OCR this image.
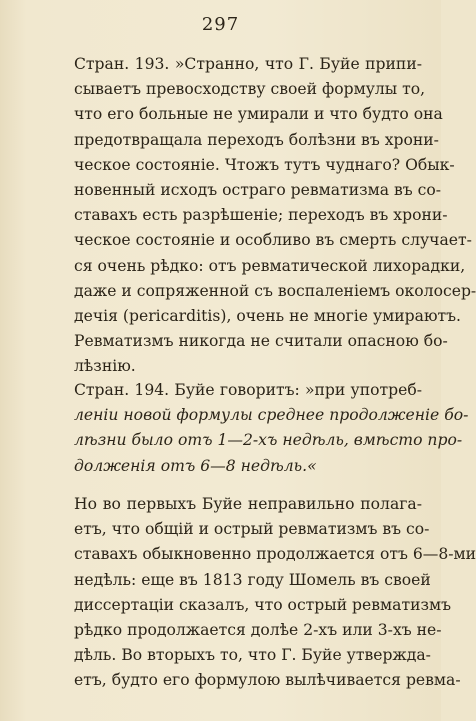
297
Стран. 193. »Странно, что Г. Буйе припи-
сываетъ превосходству своей формулы то,
что его больные не умирали и что будто она
предотвращала переходъ болѣзни въ хрони-
ческое состояніе. Чтожъ тутъ чуднаго? Обык-
новенный исходъ остраго ревматизма въ со-
ставахъ есть разрѣшеніе; переходъ въ хрони-
ческое состояніе и особливо въ смерть случает-
ся очень рѣдко: отъ ревматической лихорадки,
даже и сопряженной съ воспаленіемъ околосер-
дечія (pericarditis), очень не многіе умираютъ.
Ревматизмъ никогда не считали опасною бо-
лѣзнію.
Стран. 194. Буйе говоритъ: »при употреб-
леніи новой формулы среднее продолженіе бо-
лѣзни было отъ 1—2-хъ недѣль, вмѣсто про-
долженія отъ 6—8 недѣль.«
Но во первыхъ Буйе неправильно полага-
етъ, что общій и острый ревматизмъ въ со-
ставахъ обыкновенно продолжается отъ 6—8-ми
недѣль: еще въ 1813 году Шомель въ своей
диссертаціи сказалъ, что острый ревматизмъ
рѣдко продолжается долѣе 2-хъ или 3-хъ не-
дѣль. Во вторыхъ то, что Г. Буйе утвержда-
етъ, будто его формулою вылѣчивается ревма-
